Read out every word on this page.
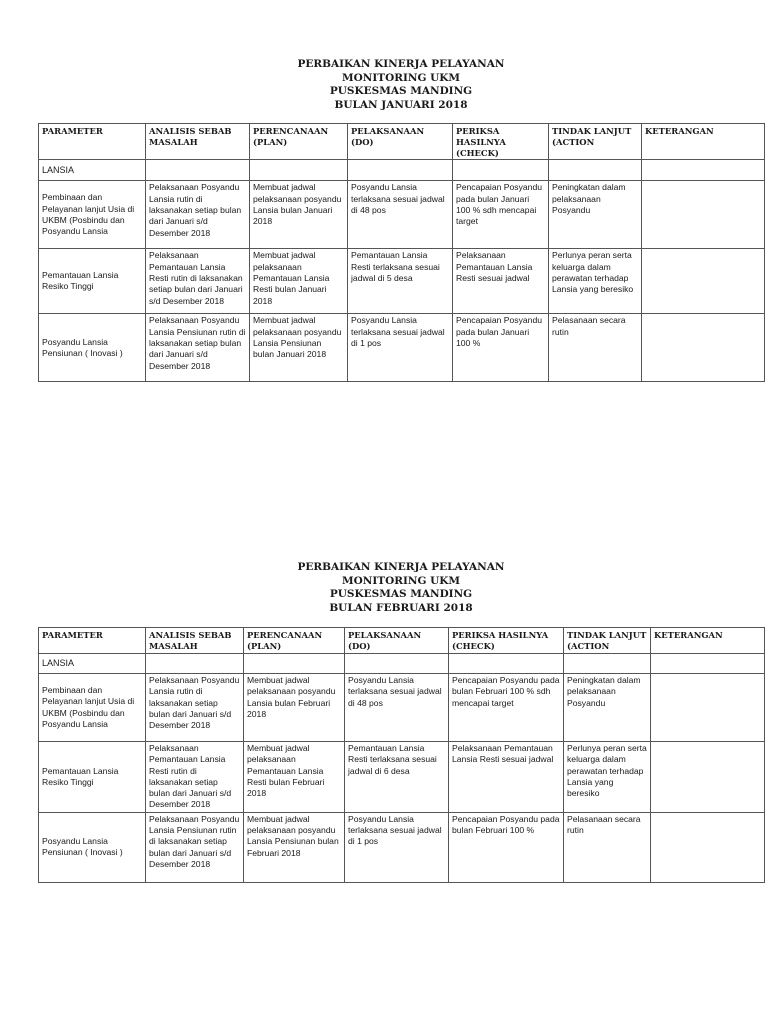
PERBAIKAN KINERJA PELAYANAN
MONITORING UKM
PUSKESMAS MANDING
BULAN JANUARI 2018
PARAMETER	ANALISIS SEBAB MASALAH	PERENCANAAN (PLAN)	PELAKSANAAN (DO)	PERIKSA HASILNYA (CHECK)	TINDAK LANJUT (ACTION	KETERANGAN
LANSIA						
Pembinaan dan Pelayanan lanjut Usia di UKBM (Posbindu dan Posyandu Lansia	Pelaksanaan Posyandu Lansia rutin di laksanakan setiap bulan dari Januari s/d Desember 2018	Membuat jadwal pelaksanaan posyandu Lansia bulan Januari 2018	Posyandu Lansia terlaksana sesuai jadwal di 48 pos	Pencapaian Posyandu pada bulan Januari 100 % sdh mencapai target	Peningkatan dalam pelaksanaan Posyandu	
Pemantauan Lansia Resiko Tinggi	Pelaksanaan Pemantauan Lansia Resti rutin di laksanakan setiap bulan dari Januari s/d Desember 2018	Membuat jadwal pelaksanaan Pemantauan Lansia Resti bulan Januari 2018	Pemantauan Lansia Resti terlaksana sesuai jadwal di 5 desa	Pelaksanaan Pemantauan Lansia Resti sesuai jadwal	Perlunya peran serta keluarga dalam perawatan terhadap Lansia yang beresiko	
Posyandu Lansia Pensiunan ( Inovasi )	Pelaksanaan Posyandu Lansia Pensiunan rutin di laksanakan setiap bulan dari Januari s/d Desember 2018	Membuat jadwal pelaksanaan posyandu Lansia Pensiunan bulan Januari 2018	Posyandu Lansia terlaksana sesuai jadwal di 1 pos	Pencapaian Posyandu pada bulan Januari 100 %	Pelasanaan secara rutin	
PERBAIKAN KINERJA PELAYANAN
MONITORING UKM
PUSKESMAS MANDING
BULAN FEBRUARI 2018
PARAMETER	ANALISIS SEBAB MASALAH	PERENCANAAN (PLAN)	PELAKSANAAN (DO)	PERIKSA HASILNYA (CHECK)	TINDAK LANJUT (ACTION	KETERANGAN
LANSIA						
Pembinaan dan Pelayanan lanjut Usia di UKBM (Posbindu dan Posyandu Lansia	Pelaksanaan Posyandu Lansia rutin di laksanakan setiap bulan dari Januari s/d Desember 2018	Membuat jadwal pelaksanaan posyandu Lansia bulan Februari 2018	Posyandu Lansia terlaksana sesuai jadwal di 48 pos	Pencapaian Posyandu pada bulan Februari 100 % sdh mencapai target	Peningkatan dalam pelaksanaan Posyandu	
Pemantauan Lansia Resiko Tinggi	Pelaksanaan Pemantauan Lansia Resti rutin di laksanakan setiap bulan dari Januari s/d Desember 2018	Membuat jadwal pelaksanaan Pemantauan Lansia Resti bulan Februari 2018	Pemantauan Lansia Resti terlaksana sesuai jadwal di 6 desa	Pelaksanaan Pemantauan Lansia Resti sesuai jadwal	Perlunya peran serta keluarga dalam perawatan terhadap Lansia yang beresiko	
Posyandu Lansia Pensiunan ( Inovasi )	Pelaksanaan Posyandu Lansia Pensiunan rutin di laksanakan setiap bulan dari Januari s/d Desember 2018	Membuat jadwal pelaksanaan posyandu Lansia Pensiunan bulan Februari 2018	Posyandu Lansia terlaksana sesuai jadwal di 1 pos	Pencapaian Posyandu pada bulan Februari 100 %	Pelasanaan secara rutin	
